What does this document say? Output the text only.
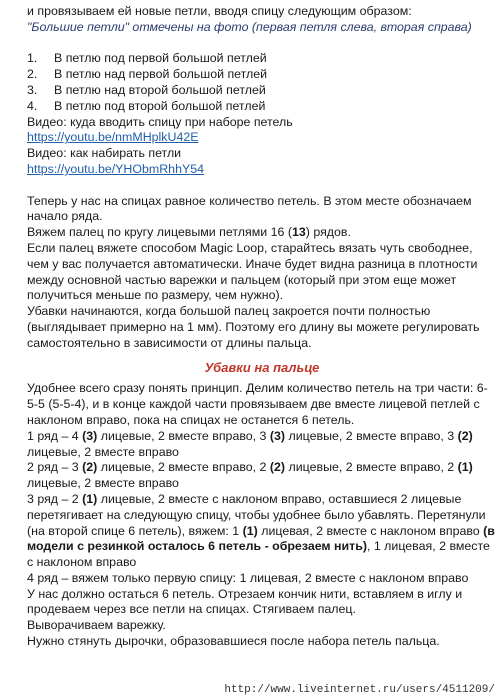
и провязываем ей новые петли, вводя спицу следующим образом:

"Большие петли" отмечены на фото (первая петля слева, вторая справа)

1.	В петлю под первой большой петлей
2.	В петлю над первой большой петлей
3.	В петлю над второй большой петлей
4.	В петлю под второй большой петлей

Видео: куда вводить спицу при наборе петель

https://youtu.be/nmMHplkU42E

Видео: как набирать петли

https://youtu.be/YHObmRhhY54

Теперь у нас на спицах равное количество петель. В этом месте обозначаем начало ряда.

Вяжем палец по кругу лицевыми петлями 16 (13) рядов.

Если палец вяжете способом Magic Loop, старайтесь вязать чуть свободнее, чем у вас получается автоматически. Иначе будет видна разница в плотности между основной частью варежки и пальцем (который при этом еще может получиться меньше по размеру, чем нужно).

Убавки начинаются, когда большой палец закроется почти полностью (выглядывает примерно на 1 мм). Поэтому его длину вы можете регулировать самостоятельно в зависимости от длины пальца.

Убавки на пальце

Удобнее всего сразу понять принцип. Делим количество петель на три части: 6-5-5 (5-5-4), и в конце каждой части провязываем две вместе лицевой петлей с наклоном вправо, пока на спицах не останется 6 петель.

1 ряд – 4 (3) лицевые, 2 вместе вправо, 3 (3) лицевые, 2 вместе вправо, 3 (2) лицевые, 2 вместе вправо

2 ряд – 3 (2) лицевые, 2 вместе вправо, 2 (2) лицевые, 2 вместе вправо, 2 (1) лицевые, 2 вместе вправо

3 ряд – 2 (1) лицевые, 2 вместе с наклоном вправо, оставшиеся 2 лицевые перетягивает на следующую спицу, чтобы удобнее было убавлять. Перетянули (на второй спице 6 петель), вяжем: 1 (1) лицевая, 2 вместе с наклоном вправо (в модели с резинкой осталось 6 петель - обрезаем нить), 1 лицевая, 2 вместе с наклоном вправо

4 ряд – вяжем только первую спицу: 1 лицевая, 2 вместе с наклоном вправо

У нас должно остаться 6 петель. Отрезаем кончик нити, вставляем в иглу и продеваем через все петли на спицах. Стягиваем палец.

Выворачиваем варежку.

Нужно стянуть дырочки, образовавшиеся после набора петель пальца.

http://www.liveinternet.ru/users/4511209/
